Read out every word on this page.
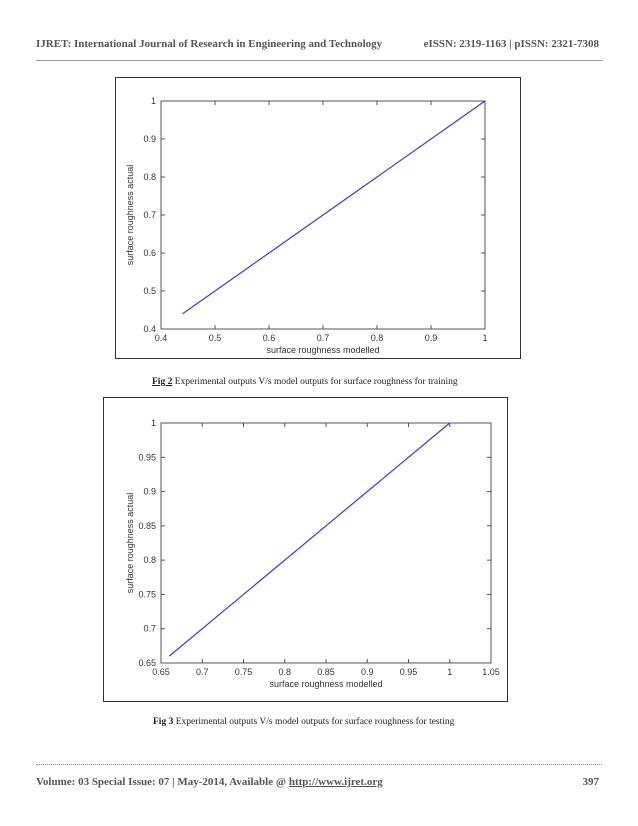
IJRET: International Journal of Research in Engineering and Technology	eISSN: 2319-1163 | pISSN: 2321-7308
0.4	0.5	0.6	0.7	0.8	0.9	1
0.4
0.5
0.6
0.7
0.8
0.9
1
surface roughness modelled
surface roughness actual
Fig 2 Experimental outputs V/s model outputs for surface roughness for training
0.65	0.7	0.75	0.8	0.85	0.9	0.95	1	1.05
0.65
0.7
0.75
0.8
0.85
0.9
0.95
1
surface roughness modelled
surface roughness actual
Fig 3 Experimental outputs V/s model outputs for surface roughness for testing
Volume: 03 Special Issue: 07 | May-2014, Available @ http://www.ijret.org	397
